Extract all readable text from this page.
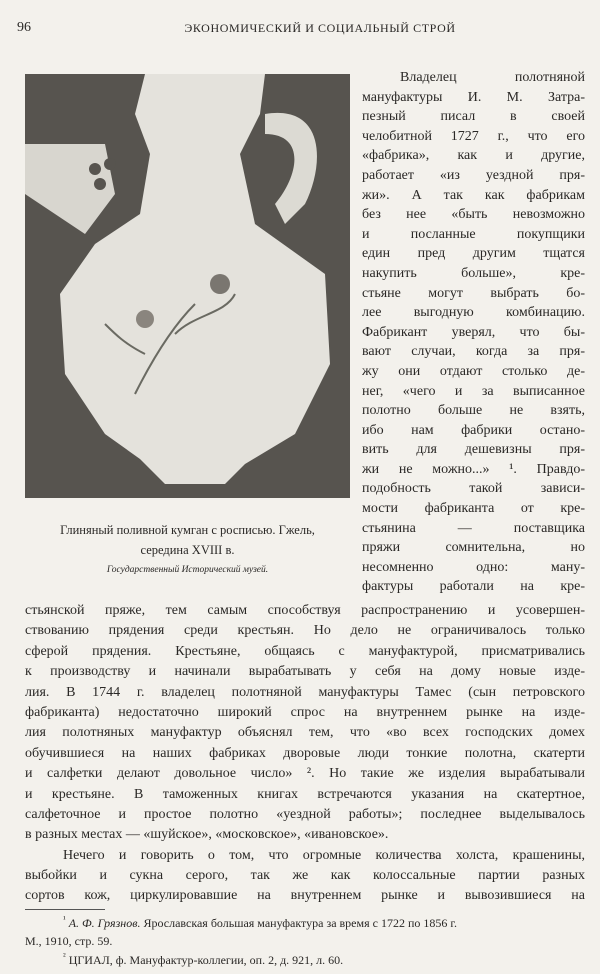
96	ЭКОНОМИЧЕСКИЙ И СОЦИАЛЬНЫЙ СТРОЙ
Глиняный поливной кумган с росписью. Гжель,
середина XVIII в.
Государственный Исторический музей.
Владелец полотняной
мануфактуры И. М. Затра-
пезный писал в своей
челобитной 1727 г., что его
«фабрика», как и другие,
работает «из уездной пря-
жи». А так как фабрикам
без нее «быть невозможно
и посланные покупщики
един пред другим тщатся
накупить больше», кре-
стьяне могут выбрать бо-
лее выгодную комбинацию.
Фабрикант уверял, что бы-
вают случаи, когда за пря-
жу они отдают столько де-
нег, «чего и за выписанное
полотно больше не взять,
ибо нам фабрики остано-
вить для дешевизны пря-
жи не можно...» ¹. Правдо-
подобность такой зависи-
мости фабриканта от кре-
стьянина — поставщика
пряжи сомнительна, но
несомненно одно: ману-
фактуры работали на кре-
стьянской пряже, тем самым способствуя распространению и усовершен-
ствованию прядения среди крестьян. Но дело не ограничивалось только
сферой прядения. Крестьяне, общаясь с мануфактурой, присматривались
к производству и начинали вырабатывать у себя на дому новые изде-
лия. В 1744 г. владелец полотняной мануфактуры Тамес (сын петровского
фабриканта) недостаточно широкий спрос на внутреннем рынке на изде-
лия полотняных мануфактур объяснял тем, что «во всех господских домех
обучившиеся на наших фабриках дворовые люди тонкие полотна, скатерти
и салфетки делают довольное число» ². Но такие же изделия вырабатывали
и крестьяне. В таможенных книгах встречаются указания на скатертное,
салфеточное и простое полотно «уездной работы»; последнее выделывалось
в разных местах — «шуйское», «московское», «ивановское».
Нечего и говорить о том, что огромные количества холста, крашенины,
выбойки и сукна серого, так же как колоссальные партии разных
сортов кож, циркулировавшие на внутреннем рынке и вывозившиеся на
$^{^1}$ А. Ф. Грязнов. Ярославская большая мануфактура за время с 1722 по 1856 г.
М., 1910, стр. 59.
$^{^2}$ ЦГИАЛ, ф. Мануфактур-коллегии, оп. 2, д. 921, л. 60.
